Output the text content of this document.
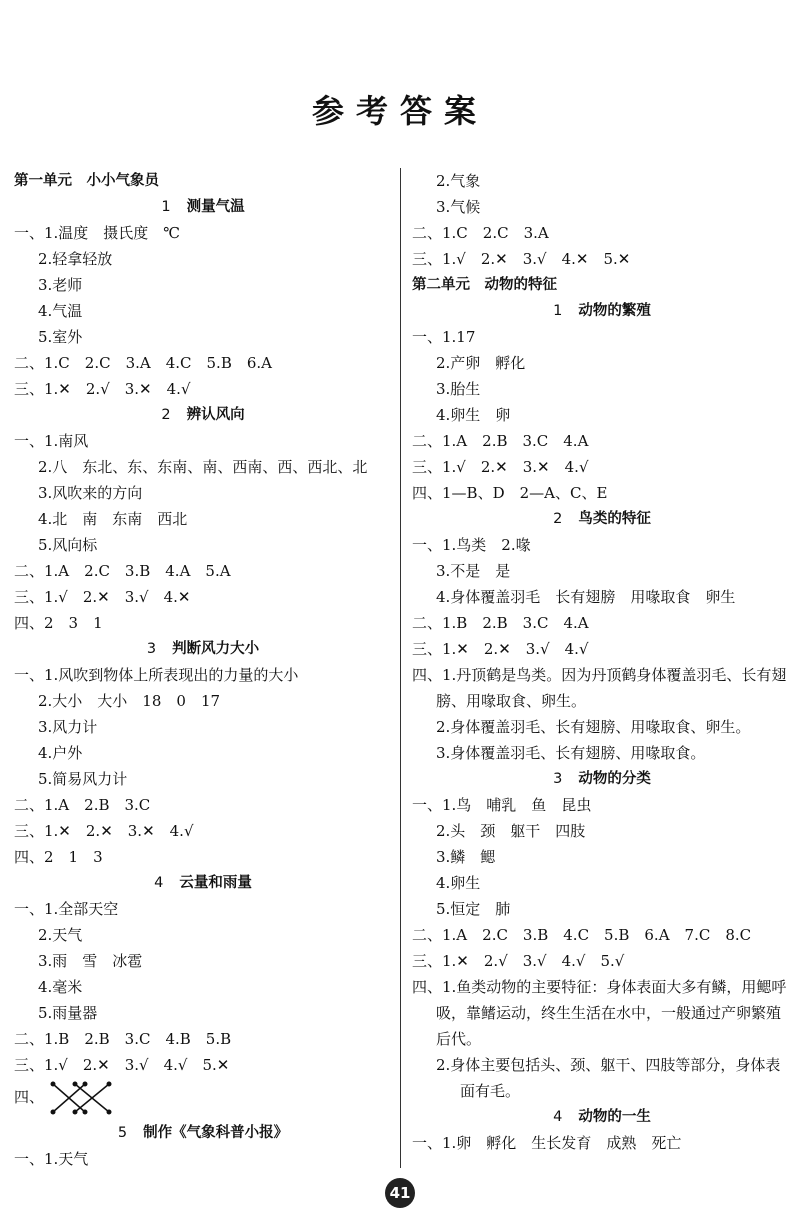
参考答案
第一单元　小小气象员
1 测量气温
一、1.温度　摄氏度　℃
2.轻拿轻放
3.老师
4.气温
5.室外
二、1.C　2.C　3.A　4.C　5.B　6.A
三、1.✕　2.√　3.✕　4.√
2 辨认风向
一、1.南风
2.八　东北、东、东南、南、西南、西、西北、北
3.风吹来的方向
4.北　南　东南　西北
5.风向标
二、1.A　2.C　3.B　4.A　5.A
三、1.√　2.✕　3.√　4.✕
四、2　3　1
3 判断风力大小
一、1.风吹到物体上所表现出的力量的大小
2.大小　大小　18　0　17
3.风力计
4.户外
5.简易风力计
二、1.A　2.B　3.C
三、1.✕　2.✕　3.✕　4.√
四、2　1　3
4 云量和雨量
一、1.全部天空
2.天气
3.雨　雪　冰雹
4.毫米
5.雨量器
二、1.B　2.B　3.C　4.B　5.B
三、1.√　2.✕　3.√　4.√　5.✕
四、
5 制作《气象科普小报》
一、1.天气
2.气象
3.气候
二、1.C　2.C　3.A
三、1.√　2.✕　3.√　4.✕　5.✕
第二单元　动物的特征
1 动物的繁殖
一、1.17
2.产卵　孵化
3.胎生
4.卵生　卵
二、1.A　2.B　3.C　4.A
三、1.√　2.✕　3.✕　4.√
四、1—B、D　2—A、C、E
2 鸟类的特征
一、1.鸟类　2.喙
3.不是　是
4.身体覆盖羽毛　长有翅膀　用喙取食　卵生
二、1.B　2.B　3.C　4.A
三、1.✕　2.✕　3.√　4.√
四、1.丹顶鹤是鸟类。因为丹顶鹤身体覆盖羽毛、长有翅膀、用喙取食、卵生。
2.身体覆盖羽毛、长有翅膀、用喙取食、卵生。
3.身体覆盖羽毛、长有翅膀、用喙取食。
3 动物的分类
一、1.鸟　哺乳　鱼　昆虫
2.头　颈　躯干　四肢
3.鳞　鳃
4.卵生
5.恒定　肺
二、1.A　2.C　3.B　4.C　5.B　6.A　7.C　8.C
三、1.✕　2.√　3.√　4.√　5.√
四、1.鱼类动物的主要特征：身体表面大多有鳞，用鳃呼吸，靠鳍运动，终生生活在水中，一般通过产卵繁殖后代。
2.身体主要包括头、颈、躯干、四肢等部分，身体表面有毛。
4 动物的一生
一、1.卵　孵化　生长发育　成熟　死亡
41
